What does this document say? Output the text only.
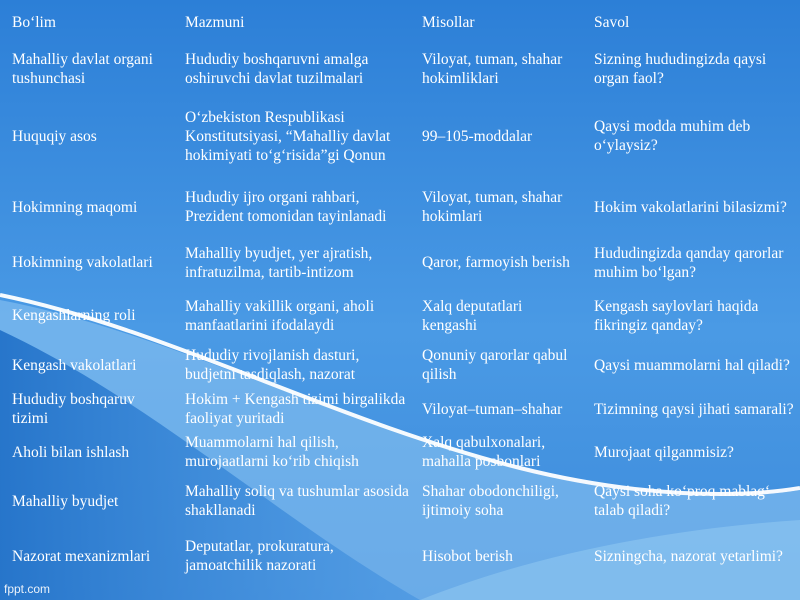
Bo‘lim	Mazmuni	Misollar	Savol
Mahalliy davlat organi tushunchasi	Hududiy boshqaruvni amalga oshiruvchi davlat tuzilmalari	Viloyat, tuman, shahar hokimliklari	Sizning hududingizda qaysi organ faol?
Huquqiy asos	O‘zbekiston Respublikasi Konstitutsiyasi, “Mahalliy davlat hokimiyati to‘g‘risida”gi Qonun	99–105-moddalar	Qaysi modda muhim deb o‘ylaysiz?
Hokimning maqomi	Hududiy ijro organi rahbari, Prezident tomonidan tayinlanadi	Viloyat, tuman, shahar hokimlari	Hokim vakolatlarini bilasizmi?
Hokimning vakolatlari	Mahalliy byudjet, yer ajratish, infratuzilma, tartib-intizom	Qaror, farmoyish berish	Hududingizda qanday qarorlar muhim bo‘lgan?
Kengashlarning roli	Mahalliy vakillik organi, aholi manfaatlarini ifodalaydi	Xalq deputatlari kengashi	Kengash saylovlari haqida fikringiz qanday?
Kengash vakolatlari	Hududiy rivojlanish dasturi, budjetni tasdiqlash, nazorat	Qonuniy qarorlar qabul qilish	Qaysi muammolarni hal qiladi?
Hududiy boshqaruv tizimi	Hokim + Kengash tizimi birgalikda faoliyat yuritadi	Viloyat–tuman–shahar	Tizimning qaysi jihati samarali?
Aholi bilan ishlash	Muammolarni hal qilish, murojaatlarni ko‘rib chiqish	Xalq qabulxonalari, mahalla posbonlari	Murojaat qilganmisiz?
Mahalliy byudjet	Mahalliy soliq va tushumlar asosida shakllanadi	Shahar obodonchiligi, ijtimoiy soha	Qaysi soha ko‘proq mablag‘ talab qiladi?
Nazorat mexanizmlari	Deputatlar, prokuratura, jamoatchilik nazorati	Hisobot berish	Sizningcha, nazorat yetarlimi?
fppt.com
